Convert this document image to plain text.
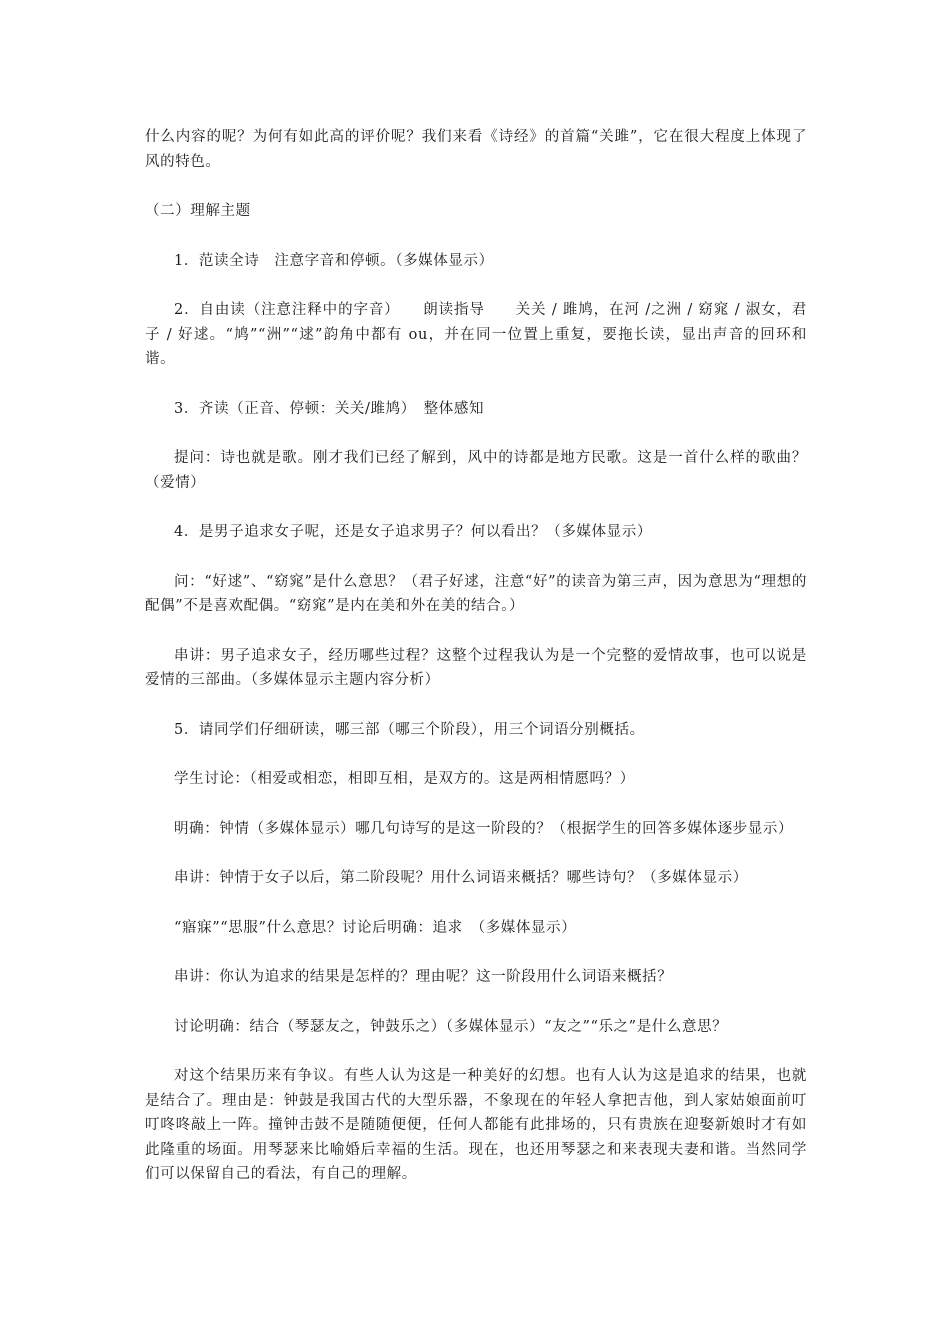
什么内容的呢？为何有如此高的评价呢？我们来看《诗经》的首篇“关雎”，它在很大程度上体现了风的特色。

（二）理解主题

1．范读全诗　注意字音和停顿。（多媒体显示）

2．自由读（注意注释中的字音）　　朗读指导　　关关 / 雎鸠，在河 /之洲 / 窈窕 / 淑女，君子 / 好逑。“鸠”“洲”“逑”韵角中都有 ou，并在同一位置上重复，要拖长读，显出声音的回环和谐。

3．齐读（正音、停顿：关关/雎鸠）　整体感知

提问：诗也就是歌。刚才我们已经了解到，风中的诗都是地方民歌。这是一首什么样的歌曲？（爱情）

4．是男子追求女子呢，还是女子追求男子？何以看出？（多媒体显示）

问：“好逑”、“窈窕”是什么意思？（君子好逑，注意“好”的读音为第三声，因为意思为“理想的配偶”不是喜欢配偶。“窈窕”是内在美和外在美的结合。）

串讲：男子追求女子，经历哪些过程？这整个过程我认为是一个完整的爱情故事，也可以说是爱情的三部曲。（多媒体显示主题内容分析）

5．请同学们仔细研读，哪三部（哪三个阶段），用三个词语分别概括。

学生讨论：（相爱或相恋，相即互相，是双方的。这是两相情愿吗？）

明确：钟情（多媒体显示）哪几句诗写的是这一阶段的？（根据学生的回答多媒体逐步显示）

串讲：钟情于女子以后，第二阶段呢？用什么词语来概括？哪些诗句？（多媒体显示）

“寤寐”“思服”什么意思？讨论后明确：追求　（多媒体显示）

串讲：你认为追求的结果是怎样的？理由呢？这一阶段用什么词语来概括？

讨论明确：结合（琴瑟友之，钟鼓乐之）（多媒体显示）“友之”“乐之”是什么意思？

对这个结果历来有争议。有些人认为这是一种美好的幻想。也有人认为这是追求的结果，也就是结合了。理由是：钟鼓是我国古代的大型乐器，不象现在的年轻人拿把吉他，到人家姑娘面前叮叮咚咚敲上一阵。撞钟击鼓不是随随便便，任何人都能有此排场的，只有贵族在迎娶新娘时才有如此隆重的场面。用琴瑟来比喻婚后幸福的生活。现在，也还用琴瑟之和来表现夫妻和谐。当然同学们可以保留自己的看法，有自己的理解。
